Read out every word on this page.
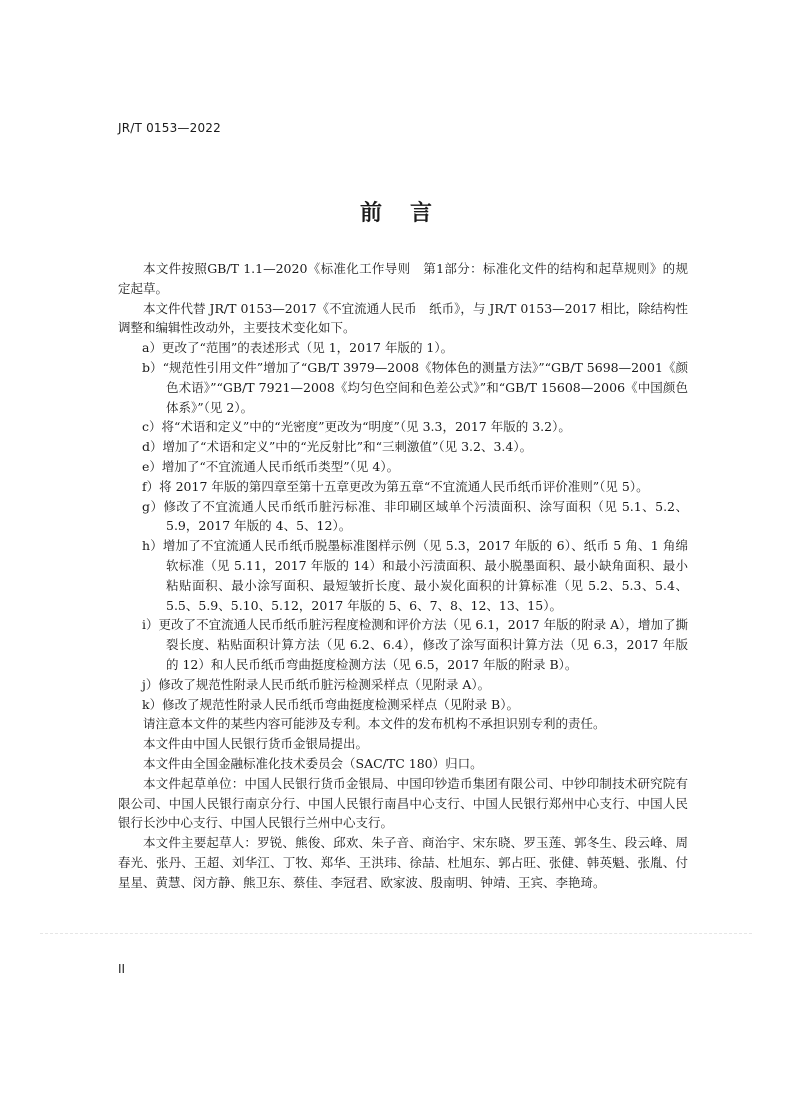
JR/T 0153—2022
前言

本文件按照GB/T 1.1—2020《标准化工作导则　第1部分：标准化文件的结构和起草规则》的规定起草。

本文件代替 JR/T 0153—2017《不宜流通人民币　纸币》，与 JR/T 0153—2017 相比，除结构性调整和编辑性改动外，主要技术变化如下。

a）更改了“范围”的表述形式（见 1，2017 年版的 1）。

b）“规范性引用文件”增加了“GB/T 3979—2008《物体色的测量方法》”“GB/T 5698—2001《颜色术语》”“GB/T 7921—2008《均匀色空间和色差公式》”和“GB/T 15608—2006《中国颜色体系》”（见 2）。

c）将“术语和定义”中的“光密度”更改为“明度”（见 3.3，2017 年版的 3.2）。

d）增加了“术语和定义”中的“光反射比”和“三刺激值”（见 3.2、3.4）。

e）增加了“不宜流通人民币纸币类型”（见 4）。

f）将 2017 年版的第四章至第十五章更改为第五章“不宜流通人民币纸币评价准则”（见 5）。

g）修改了不宜流通人民币纸币脏污标准、非印刷区域单个污渍面积、涂写面积（见 5.1、5.2、5.9，2017 年版的 4、5、12）。

h）增加了不宜流通人民币纸币脱墨标准图样示例（见 5.3，2017 年版的 6）、纸币 5 角、1 角绵软标准（见 5.11，2017 年版的 14）和最小污渍面积、最小脱墨面积、最小缺角面积、最小粘贴面积、最小涂写面积、最短皱折长度、最小炭化面积的计算标准（见 5.2、5.3、5.4、5.5、5.9、5.10、5.12，2017 年版的 5、6、7、8、12、13、15）。

i）更改了不宜流通人民币纸币脏污程度检测和评价方法（见 6.1，2017 年版的附录 A），增加了撕裂长度、粘贴面积计算方法（见 6.2、6.4），修改了涂写面积计算方法（见 6.3，2017 年版的 12）和人民币纸币弯曲挺度检测方法（见 6.5，2017 年版的附录 B）。

j）修改了规范性附录人民币纸币脏污检测采样点（见附录 A）。

k）修改了规范性附录人民币纸币弯曲挺度检测采样点（见附录 B）。

请注意本文件的某些内容可能涉及专利。本文件的发布机构不承担识别专利的责任。

本文件由中国人民银行货币金银局提出。

本文件由全国金融标准化技术委员会（SAC/TC 180）归口。

本文件起草单位：中国人民银行货币金银局、中国印钞造币集团有限公司、中钞印制技术研究院有限公司、中国人民银行南京分行、中国人民银行南昌中心支行、中国人民银行郑州中心支行、中国人民银行长沙中心支行、中国人民银行兰州中心支行。

本文件主要起草人：罗锐、熊俊、邱欢、朱子音、商治宇、宋东晓、罗玉莲、郭冬生、段云峰、周春光、张丹、王超、刘华江、丁牧、郑华、王洪玮、徐喆、杜旭东、郭占旺、张健、韩英魁、张胤、付星星、黄慧、闵方静、熊卫东、蔡佳、李冠君、欧家波、殷南明、钟靖、王宾、李艳琦。

II
